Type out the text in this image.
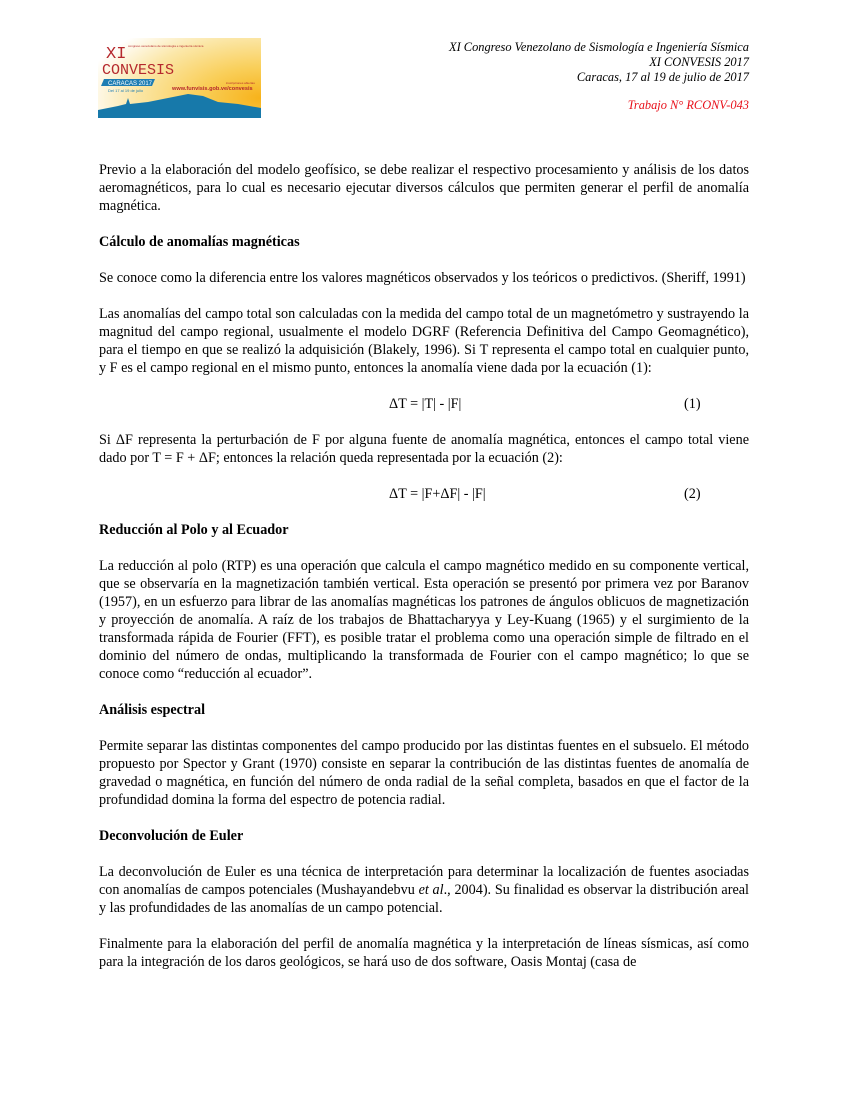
XI congreso venezolano de sismología e ingeniería sísmica
CONVESIS
CARACAS 2017
Del 17 al 19 de julio
inscripciones abiertas
www.funvisis.gob.ve/convesis
XI Congreso Venezolano de Sismología e Ingeniería Sísmica
XI CONVESIS 2017
Caracas, 17 al 19 de julio de 2017
Trabajo N° RCONV-043

Previo a la elaboración del modelo geofísico, se debe realizar el respectivo procesamiento y análisis de los datos aeromagnéticos, para lo cual es necesario ejecutar diversos cálculos que permiten generar el perfil de anomalía magnética.

Cálculo de anomalías magnéticas

Se conoce como la diferencia entre los valores magnéticos observados y los teóricos o predictivos. (Sheriff, 1991)

Las anomalías del campo total son calculadas con la medida del campo total de un magnetómetro y sustrayendo la magnitud del campo regional, usualmente el modelo DGRF (Referencia Definitiva del Campo Geomagnético), para el tiempo en que se realizó la adquisición (Blakely, 1996). Si T representa el campo total en cualquier punto, y F es el campo regional en el mismo punto, entonces la anomalía viene dada por la ecuación (1):

ΔT = |T| - |F|	(1)

Si ΔF representa la perturbación de F por alguna fuente de anomalía magnética, entonces el campo total viene dado por T = F + ΔF; entonces la relación queda representada por la ecuación (2):

ΔT = |F+ΔF| - |F|	(2)
Reducción al Polo y al Ecuador

La reducción al polo (RTP) es una operación que calcula el campo magnético medido en su componente vertical, que se observaría en la magnetización también vertical. Esta operación se presentó por primera vez por Baranov (1957), en un esfuerzo para librar de las anomalías magnéticas los patrones de ángulos oblicuos de magnetización y proyección de anomalía. A raíz de los trabajos de Bhattacharyya y Ley-Kuang (1965) y el surgimiento de la transformada rápida de Fourier (FFT), es posible tratar el problema como una operación simple de filtrado en el dominio del número de ondas, multiplicando la transformada de Fourier con el campo magnético; lo que se conoce como “reducción al ecuador”.

Análisis espectral

Permite separar las distintas componentes del campo producido por las distintas fuentes en el subsuelo. El método propuesto por Spector y Grant (1970) consiste en separar la contribución de las distintas fuentes de anomalía de gravedad o magnética, en función del número de onda radial de la señal completa, basados en que el factor de la profundidad domina la forma del espectro de potencia radial.

Deconvolución de Euler

La deconvolución de Euler es una técnica de interpretación para determinar la localización de fuentes asociadas con anomalías de campos potenciales (Mushayandebvu et al., 2004). Su finalidad es observar la distribución areal y las profundidades de las anomalías de un campo potencial.

Finalmente para la elaboración del perfil de anomalía magnética y la interpretación de líneas sísmicas, así como para la integración de los daros geológicos, se hará uso de dos software, Oasis Montaj (casa de
